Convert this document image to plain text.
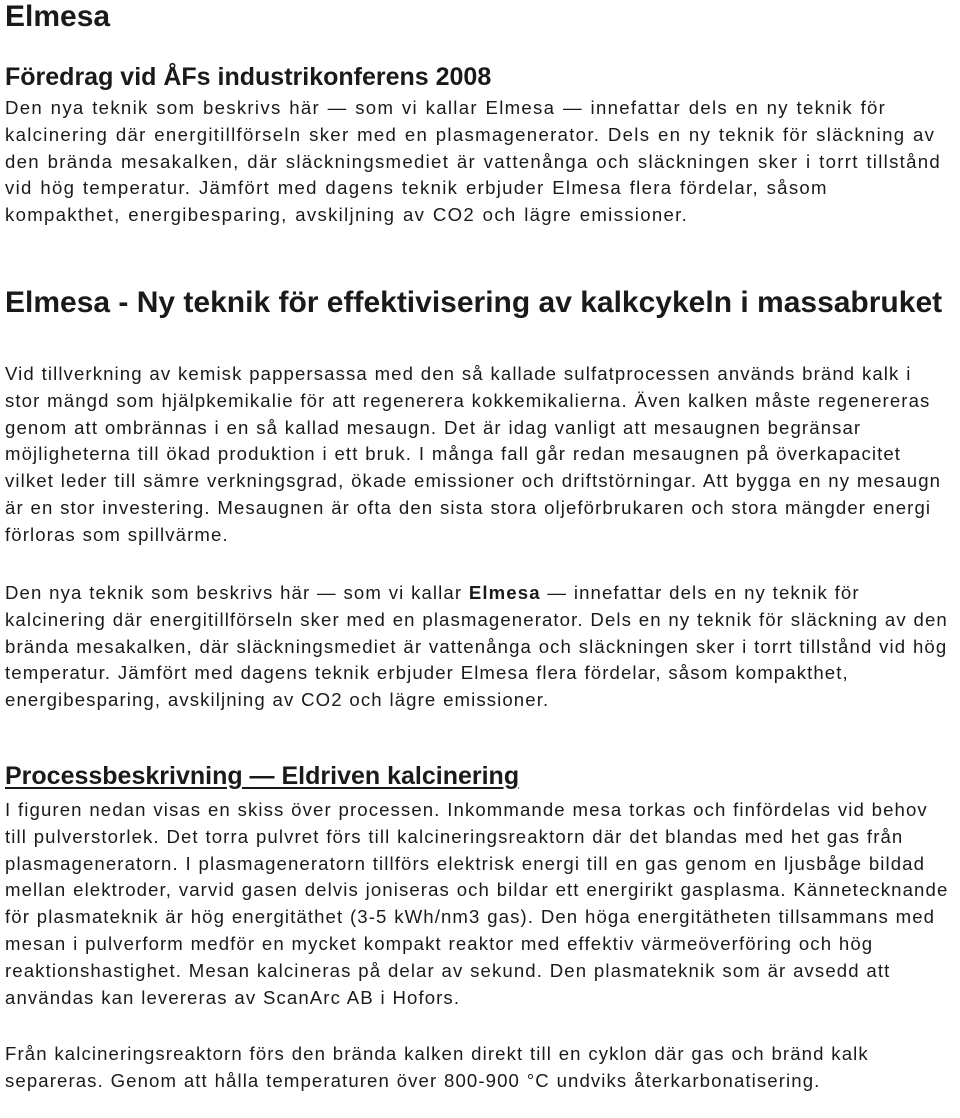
Elmesa
Föredrag vid ÅFs industrikonferens 2008

Den nya teknik som beskrivs här — som vi kallar Elmesa — innefattar dels en ny teknik för kalcinering där energitillförseln sker med en plasmagenerator. Dels en ny teknik för släckning av den brända mesakalken, där släckningsmediet är vattenånga och släckningen sker i torrt tillstånd vid hög temperatur. Jämfört med dagens teknik erbjuder Elmesa flera fördelar, såsom kompakthet, energibesparing, avskiljning av CO2 och lägre emissioner.

Elmesa - Ny teknik för effektivisering av kalkcykeln i massabruket

Vid tillverkning av kemisk pappersassa med den så kallade sulfatprocessen används bränd kalk i stor mängd som hjälpkemikalie för att regenerera kokkemikalierna. Även kalken måste regenereras genom att ombrännas i en så kallad mesaugn. Det är idag vanligt att mesaugnen begränsar möjligheterna till ökad produktion i ett bruk. I många fall går redan mesaugnen på överkapacitet vilket leder till sämre verkningsgrad, ökade emissioner och driftstörningar. Att bygga en ny mesaugn är en stor investering. Mesaugnen är ofta den sista stora oljeförbrukaren och stora mängder energi förloras som spillvärme.

Den nya teknik som beskrivs här — som vi kallar Elmesa — innefattar dels en ny teknik för kalcinering där energitillförseln sker med en plasmagenerator. Dels en ny teknik för släckning av den brända mesakalken, där släckningsmediet är vattenånga och släckningen sker i torrt tillstånd vid hög temperatur. Jämfört med dagens teknik erbjuder Elmesa flera fördelar, såsom kompakthet, energibesparing, avskiljning av CO2 och lägre emissioner.

Processbeskrivning — Eldriven kalcinering

I figuren nedan visas en skiss över processen. Inkommande mesa torkas och finfördelas vid behov till pulverstorlek. Det torra pulvret förs till kalcineringsreaktorn där det blandas med het gas från plasmageneratorn. I plasmageneratorn tillförs elektrisk energi till en gas genom en ljusbåge bildad mellan elektroder, varvid gasen delvis joniseras och bildar ett energirikt gasplasma. Kännetecknande för plasmateknik är hög energitäthet (3-5 kWh/nm3 gas). Den höga energitätheten tillsammans med mesan i pulverform medför en mycket kompakt reaktor med effektiv värmeöverföring och hög reaktionshastighet. Mesan kalcineras på delar av sekund. Den plasmateknik som är avsedd att användas kan levereras av ScanArc AB i Hofors.

Från kalcineringsreaktorn förs den brända kalken direkt till en cyklon där gas och bränd kalk separeras. Genom att hålla temperaturen över 800-900 °C undviks återkarbonatisering.
